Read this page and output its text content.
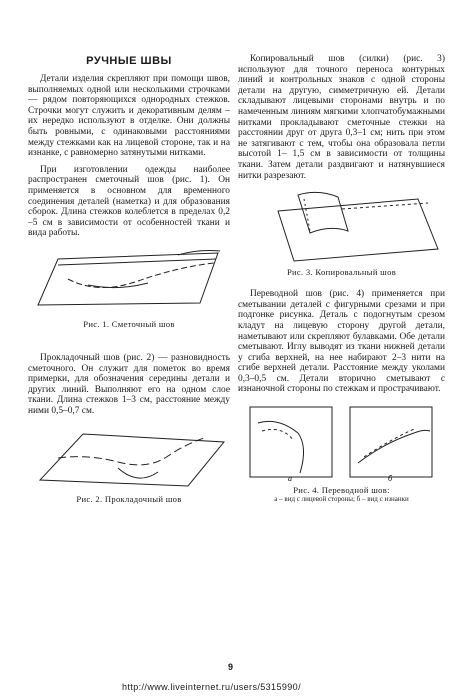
РУЧНЫЕ ШВЫ

Детали изделия скрепляют при помощи швов, выполняемых одной или несколькими строчками — рядом повторяющихся однородных стежков. Строчки могут служить и декоративным делям – их нередко используют в отделке. Они должны быть ровными, с одинаковыми расстояниями между стежками как на лицевой стороне, так и на изнанке, с равномерно затянутыми нитками.

При изготовлении одежды наиболее распространен сметочный шов (рис. 1). Он применяется в основном для временного соединения деталей (наметка) и для образования сборок. Длина стежков колеблется в пределах 0,2 –5 см в зависимости от особенностей ткани и вида работы.

Рис. 1. Сметочный шов

Прокладочный шов (рис. 2) — разновидность сметочного. Он служит для пометок во время примерки, для обозначения середины детали и других линий. Выполняют его на одном слое ткани. Длина стежков 1–3 см, расстояние между ними 0,5–0,7 см.

Рис. 2. Прокладочный шов

Копировальный шов (силки) (рис. 3) используют для точного переноса контурных линий и контрольных знаков с одной стороны детали на другую, симметричную ей. Детали складывают лицевыми сторонами внутрь и по намеченным линиям мягкими хлопчатобумажными нитками прокладывают сметочные стежки на расстоянии друг от друга 0,3–1 см; нить при этом не затягивают с тем, чтобы она образовала петли высотой 1– 1,5 см в зависимости от толщины ткани. Затем детали раздвигают и натянувшиеся нитки разрезают.

Рис. 3. Копировальный шов

Переводной шов (рис. 4) применяется при сметывании деталей с фигурными срезами и при подгонке рисунка. Деталь с подогнутым срезом кладут на лицевую сторону другой детали, наметывают или скрепляют булавками. Обе детали сметывают. Иглу выводят из ткани нижней детали у сгиба верхней, на нее набирают 2–3 нити на сгибе верхней детали. Расстояние между уколами 0,3–0,5 см. Детали вторично сметывают с изнаночной стороны по стежкам и прострачивают.

а	б
Рис. 4. Переводной шов:
а – вид с лицевой стороны; б – вид с изнанки
9
http://www.liveinternet.ru/users/5315990/
